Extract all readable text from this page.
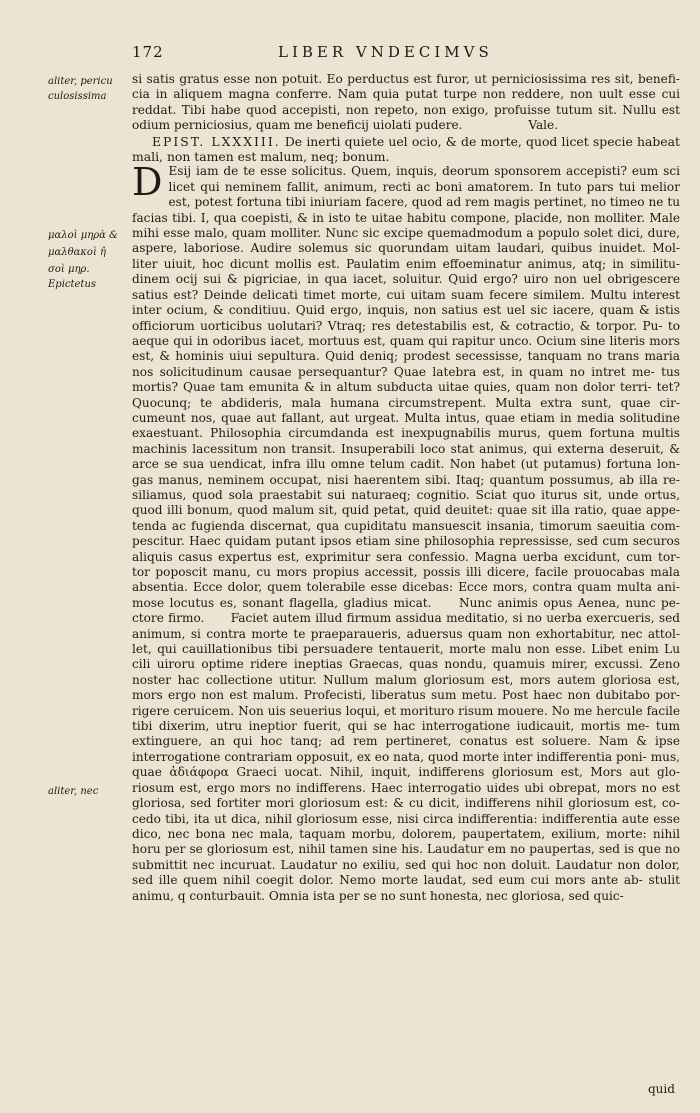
172	LIBER VNDECIMVS
aliter, pericu
culosissima
μαλοὶ μηρὰ &
μαλθακοὶ η̂
σοὶ μηρ.
Epictetus
aliter, nec

si satis gratus esse non potuit. Eo perductus est furor, ut perniciosissima res sit, benefi- cia in aliquem magna conferre. Nam quia putat turpe non reddere, non uult esse cui reddat. Tibi habe quod accepisti, non repeto, non exigo, profuisse tutum sit. Nullu est odium perniciosius, quam me beneficij uiolati pudere.	Vale.

EPIST. LXXXIII. De inerti quiete uel ocio, & de morte, quod licet specie habeat mali, non tamen est malum, neq; bonum.

D Esij iam de te esse solicitus. Quem, inquis, deorum sponsorem accepisti? eum sci licet qui neminem fallit, animum, recti ac boni amatorem. In tuto pars tui melior est, potest fortuna tibi iniuriam facere, quod ad rem magis pertinet, no timeo ne tu facias tibi. I, qua coepisti, & in isto te uitae habitu compone, placide, non molliter. Male mihi esse malo, quam molliter. Nunc sic excipe quemadmodum a populo solet dici, dure, aspere, laboriose. Audire solemus sic quorundam uitam laudari, quibus inuidet. Mol- liter uiuit, hoc dicunt mollis est. Paulatim enim effoeminatur animus, atq; in similitu- dinem ocij sui & pigriciae, in qua iacet, soluitur. Quid ergo? uiro non uel obrigescere satius est? Deinde delicati timet morte, cui uitam suam fecere similem. Multu interest inter ocium, & conditiuu. Quid ergo, inquis, non satius est uel sic iacere, quam & istis officiorum uorticibus uolutari? Vtraq; res detestabilis est, & cotractio, & torpor. Pu- to aeque qui in odoribus iacet, mortuus est, quam qui rapitur unco. Ocium sine literis mors est, & hominis uiui sepultura. Quid deniq; prodest secessisse, tanquam no trans maria nos solicitudinum causae persequantur? Quae latebra est, in quam no intret me- tus mortis? Quae tam emunita & in altum subducta uitae quies, quam non dolor terri- tet? Quocunq; te abdideris, mala humana circumstrepent. Multa extra sunt, quae cir- cumeunt nos, quae aut fallant, aut urgeat. Multa intus, quae etiam in media solitudine exaestuant. Philosophia circumdanda est inexpugnabilis murus, quem fortuna multis machinis lacessitum non transit. Insuperabili loco stat animus, qui externa deseruit, & arce se sua uendicat, infra illu omne telum cadit. Non habet (ut putamus) fortuna lon- gas manus, neminem occupat, nisi haerentem sibi. Itaq; quantum possumus, ab illa re- siliamus, quod sola praestabit sui naturaeq; cognitio. Sciat quo iturus sit, unde ortus, quod illi bonum, quod malum sit, quid petat, quid deuitet: quae sit illa ratio, quae appe- tenda ac fugienda discernat, qua cupiditatu mansuescit insania, timorum saeuitia com- pescitur. Haec quidam putant ipsos etiam sine philosophia repressisse, sed cum securos aliquis casus expertus est, exprimitur sera confessio. Magna uerba excidunt, cum tor- tor poposcit manu, cu mors propius accessit, possis illi dicere, facile prouocabas mala absentia. Ecce dolor, quem tolerabile esse dicebas: Ecce mors, contra quam multa ani- mose locutus es, sonant flagella, gladius micat. Nunc animis opus Aenea, nunc pe- ctore firmo. Faciet autem illud firmum assidua meditatio, si no uerba exercueris, sed animum, si contra morte te praeparaueris, aduersus quam non exhortabitur, nec attol- let, qui cauillationibus tibi persuadere tentauerit, morte malu non esse. Libet enim Lu cili uiroru optime ridere ineptias Graecas, quas nondu, quamuis mirer, excussi. Zeno noster hac collectione utitur. Nullum malum gloriosum est, mors autem gloriosa est, mors ergo non est malum. Profecisti, liberatus sum metu. Post haec non dubitabo por- rigere ceruicem. Non uis seuerius loqui, et morituro risum mouere. No me hercule facile tibi dixerim, utru ineptior fuerit, qui se hac interrogatione iudicauit, mortis me- tum extinguere, an qui hoc tanq; ad rem pertineret, conatus est soluere. Nam & ipse interrogatione contrariam opposuit, ex eo nata, quod morte inter indifferentia poni- mus, quae ἀδιάφορα Graeci uocat. Nihil, inquit, indifferens gloriosum est, Mors aut glo- riosum est, ergo mors no indifferens. Haec interrogatio uides ubi obrepat, mors no est gloriosa, sed fortiter mori gloriosum est: & cu dicit, indifferens nihil gloriosum est, co- cedo tibi, ita ut dica, nihil gloriosum esse, nisi circa indifferentia: indifferentia aute esse dico, nec bona nec mala, taquam morbu, dolorem, paupertatem, exilium, morte: nihil horu per se gloriosum est, nihil tamen sine his. Laudatur em no paupertas, sed is que no submittit nec incuruat. Laudatur no exiliu, sed qui hoc non doluit. Laudatur non dolor, sed ille quem nihil coegit dolor. Nemo morte laudat, sed eum cui mors ante ab- stulit animu, q conturbauit. Omnia ista per se no sunt honesta, nec gloriosa, sed quic-

quid
